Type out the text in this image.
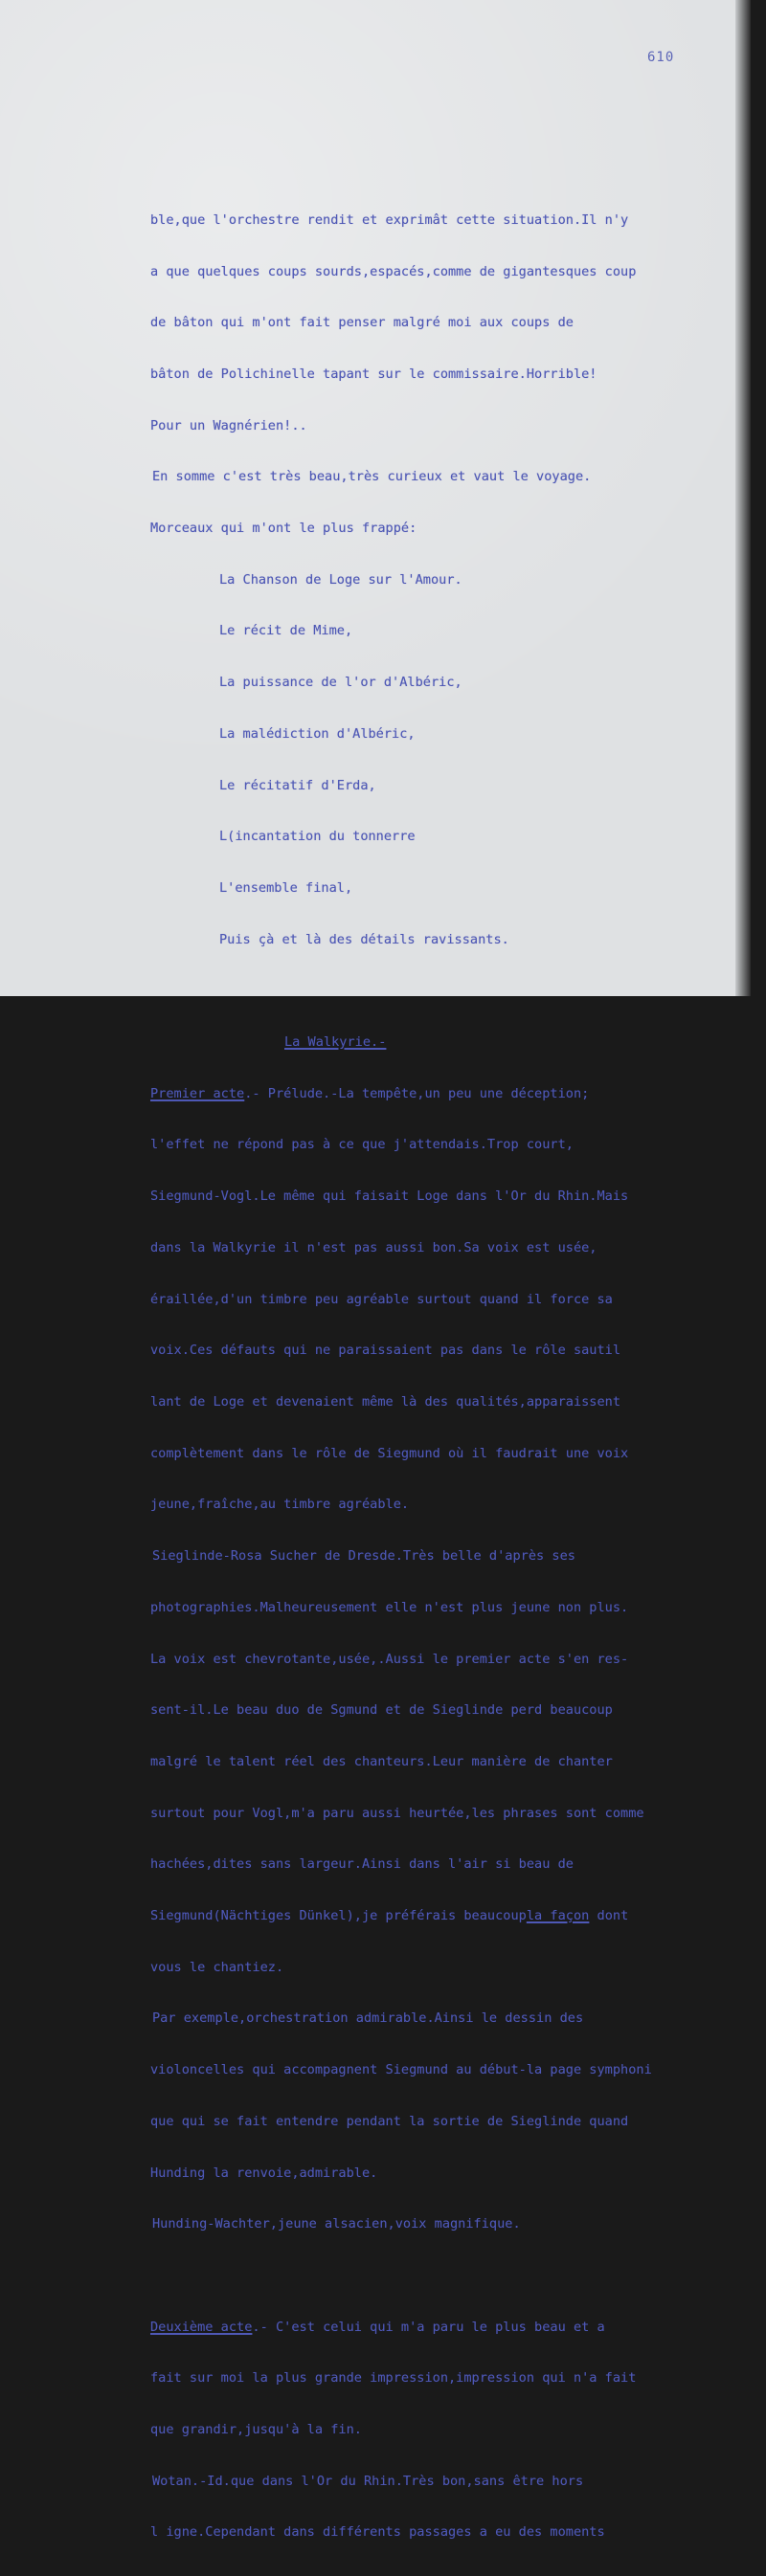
610

ble,que l'orchestre rendit et exprimât cette situation.Il n'y

a que quelques coups sourds,espacés,comme de gigantesques coup

de bâton qui m'ont fait penser malgré moi aux coups de

bâton de Polichinelle tapant sur le commissaire.Horrible!

Pour un Wagnérien!..

En somme c'est très beau,très curieux et vaut le voyage.

Morceaux qui m'ont le plus frappé:

La Chanson de Loge sur l'Amour.

Le récit de Mime,

La puissance de l'or d'Albéric,

La malédiction d'Albéric,

Le récitatif d'Erda,

L(incantation du tonnerre

L'ensemble final,

Puis çà et là des détails ravissants.

La Walkyrie.-

Premier acte.- Prélude.-La tempête,un peu une déception;

l'effet ne répond pas à ce que j'attendais.Trop court,

Siegmund-Vogl.Le même qui faisait Loge dans l'Or du Rhin.Mais

dans la Walkyrie il n'est pas aussi bon.Sa voix est usée,

éraillée,d'un timbre peu agréable surtout quand il force sa

voix.Ces défauts qui ne paraissaient pas dans le rôle sautil

lant de Loge et devenaient même là des qualités,apparaissent

complètement dans le rôle de Siegmund où il faudrait une voix

jeune,fraîche,au timbre agréable.

Sieglinde-Rosa Sucher de Dresde.Très belle d'après ses

photographies.Malheureusement elle n'est plus jeune non plus.

La voix est chevrotante,usée,.Aussi le premier acte s'en res-

sent-il.Le beau duo de Sgmund et de Sieglinde perd beaucoup

malgré le talent réel des chanteurs.Leur manière de chanter

surtout pour Vogl,m'a paru aussi heurtée,les phrases sont comme

hachées,dites sans largeur.Ainsi dans l'air si beau de

Siegmund(Nächtiges Dünkel),je préférais beaucoupla façon dont

vous le chantiez.

Par exemple,orchestration admirable.Ainsi le dessin des

violoncelles qui accompagnent Siegmund au début-la page symphoni

que qui se fait entendre pendant la sortie de Sieglinde quand

Hunding la renvoie,admirable.

Hunding-Wachter,jeune alsacien,voix magnifique.

Deuxième acte.- C'est celui qui m'a paru le plus beau et a

fait sur moi la plus grande impression,impression qui n'a fait

que grandir,jusqu'à la fin.

Wotan.-Id.que dans l'Or du Rhin.Très bon,sans être hors

l igne.Cependant dans différents passages a eu des moments
